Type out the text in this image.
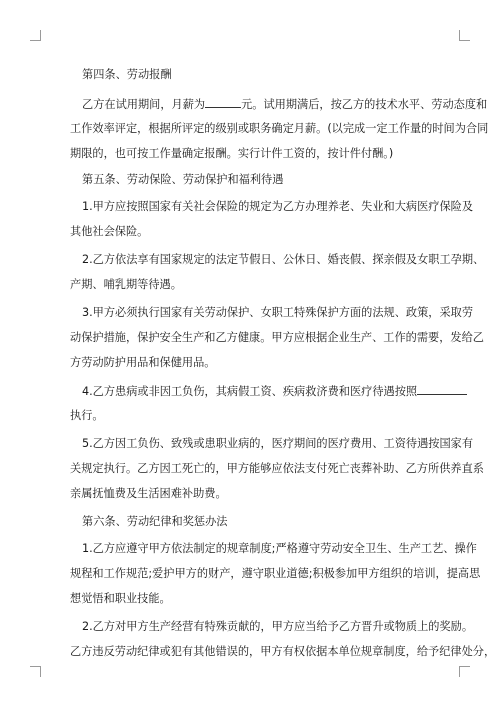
第四条、劳动报酬
乙方在试用期间，月薪为	元。试用期满后，按乙方的技术水平、劳动态度和
工作效率评定，根据所评定的级别或职务确定月薪。(以完成一定工作量的时间为合同
期限的，也可按工作量确定报酬。实行计件工资的，按计件付酬。)
第五条、劳动保险、劳动保护和福利待遇
1.甲方应按照国家有关社会保险的规定为乙方办理养老、失业和大病医疗保险及
其他社会保险。
2.乙方依法享有国家规定的法定节假日、公休日、婚丧假、探亲假及女职工孕期、
产期、哺乳期等待遇。
3.甲方必须执行国家有关劳动保护、女职工特殊保护方面的法规、政策，采取劳
动保护措施，保护安全生产和乙方健康。甲方应根据企业生产、工作的需要，发给乙
方劳动防护用品和保健用品。
4.乙方患病或非因工负伤，其病假工资、疾病救济费和医疗待遇按照
执行。
5.乙方因工负伤、致残或患职业病的，医疗期间的医疗费用、工资待遇按国家有
关规定执行。乙方因工死亡的，甲方能够应依法支付死亡丧葬补助、乙方所供养直系
亲属抚恤费及生活困难补助费。
第六条、劳动纪律和奖惩办法
1.乙方应遵守甲方依法制定的规章制度;严格遵守劳动安全卫生、生产工艺、操作
规程和工作规范;爱护甲方的财产，遵守职业道德;积极参加甲方组织的培训，提高思
想觉悟和职业技能。
2.乙方对甲方生产经营有特殊贡献的，甲方应当给予乙方晋升或物质上的奖励。
乙方违反劳动纪律或犯有其他错误的，甲方有权依据本单位规章制度，给予纪律处分，
